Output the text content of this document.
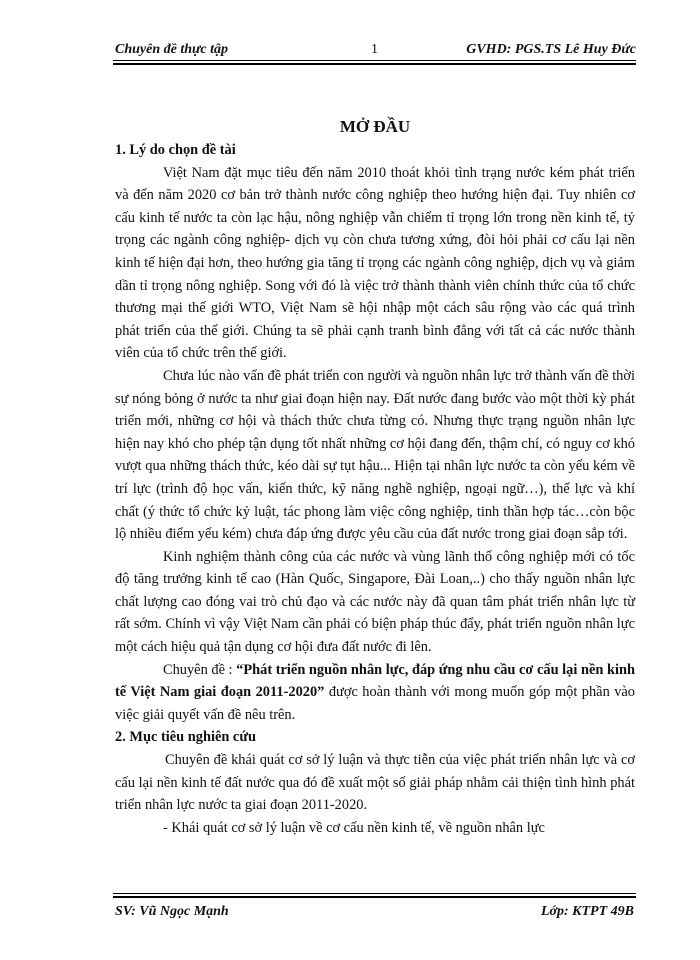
Chuyên đề thực tập	1	GVHD: PGS.TS Lê Huy Đức
MỞ ĐẦU
1. Lý do chọn đề tài

Việt Nam đặt mục tiêu đến năm 2010 thoát khỏi tình trạng nước kém phát triển và đến năm 2020 cơ bản trở thành nước công nghiệp theo hướng hiện đại. Tuy nhiên cơ cấu kinh tế nước ta còn lạc hậu, nông nghiệp vẫn chiếm tỉ trọng lớn trong nền kinh tế, tỷ trọng các ngành công nghiệp- dịch vụ còn chưa tương xứng, đòi hỏi phải cơ cấu lại nền kinh tế hiện đại hơn, theo hướng gia tăng tỉ trọng các ngành công nghiệp, dịch vụ và giảm dần tỉ trọng nông nghiệp. Song với đó là việc trở thành thành viên chính thức của tổ chức thương mại thế giới WTO, Việt Nam sẽ hội nhập một cách sâu rộng vào các quá trình phát triển của thế giới. Chúng ta sẽ phải cạnh tranh bình đẳng với tất cả các nước thành viên của tổ chức trên thế giới.

Chưa lúc nào vấn đề phát triển con người và nguồn nhân lực trở thành vấn đề thời sự nóng bỏng ở nước ta như giai đoạn hiện nay. Đất nước đang bước vào một thời kỳ phát triển mới, những cơ hội và thách thức chưa từng có. Nhưng thực trạng nguồn nhân lực hiện nay khó cho phép tận dụng tốt nhất những cơ hội đang đến, thậm chí, có nguy cơ khó vượt qua những thách thức, kéo dài sự tụt hậu... Hiện tại nhân lực nước ta còn yếu kém về trí lực (trình độ học vấn, kiến thức, kỹ năng nghề nghiệp, ngoại ngữ…), thể lực và khí chất (ý thức tổ chức kỷ luật, tác phong làm việc công nghiệp, tinh thần hợp tác…còn bộc lộ nhiều điểm yếu kém) chưa đáp ứng được yêu cầu của đất nước trong giai đoạn sắp tới.

Kinh nghiệm thành công của các nước và vùng lãnh thổ công nghiệp mới có tốc độ tăng trưởng kinh tế cao (Hàn Quốc, Singapore, Đài Loan,..) cho thấy nguồn nhân lực chất lượng cao đóng vai trò chủ đạo và các nước này đã quan tâm phát triển nhân lực từ rất sớm. Chính vì vậy Việt Nam cần phải có biện pháp thúc đẩy, phát triển nguồn nhân lực một cách hiệu quả tận dụng cơ hội đưa đất nước đi lên.

Chuyên đề : “Phát triển nguồn nhân lực, đáp ứng nhu cầu cơ cấu lại nền kinh tế Việt Nam giai đoạn 2011-2020” được hoàn thành với mong muốn góp một phần vào việc giải quyết vấn đề nêu trên.

2. Mục tiêu nghiên cứu

Chuyên đề khái quát cơ sở lý luận và thực tiễn của việc phát triển nhân lực và cơ cấu lại nền kinh tế đất nước qua đó đề xuất một số giải pháp nhằm cải thiện tình hình phát triển nhân lực nước ta giai đoạn 2011-2020.

- Khái quát cơ sở lý luận về cơ cấu nền kinh tế, về nguồn nhân lực

SV: Vũ Ngọc Mạnh	Lớp: KTPT 49B
